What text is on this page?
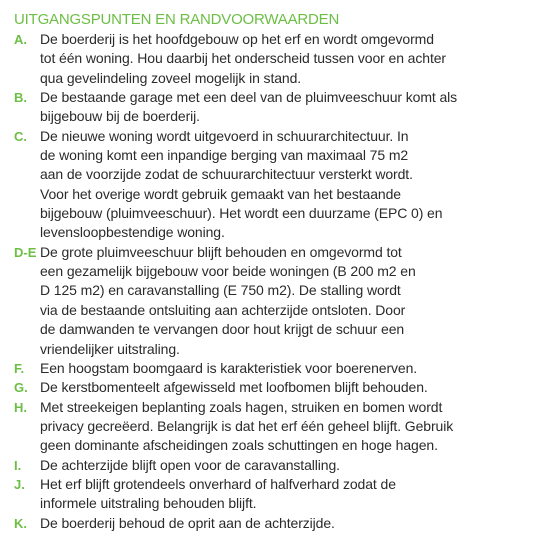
UITGANGSPUNTEN EN RANDVOORWAARDEN
A. De boerderij is het hoofdgebouw op het erf en wordt omgevormd
tot één woning. Hou daarbij het onderscheid tussen voor en achter
qua gevelindeling zoveel mogelijk in stand.
B. De bestaande garage met een deel van de pluimveeschuur komt als
bijgebouw bij de boerderij.
C. De nieuwe woning wordt uitgevoerd in schuurarchitectuur. In
de woning komt een inpandige berging van maximaal 75 m2
aan de voorzijde zodat de schuurarchitectuur versterkt wordt.
Voor het overige wordt gebruik gemaakt van het bestaande
bijgebouw (pluimveeschuur). Het wordt een duurzame (EPC 0) en
levensloopbestendige woning.
D-E De grote pluimveeschuur blijft behouden en omgevormd tot
een gezamelijk bijgebouw voor beide woningen (B 200 m2 en
D 125 m2) en caravanstalling (E 750 m2). De stalling wordt
via de bestaande ontsluiting aan achterzijde ontsloten. Door
de damwanden te vervangen door hout krijgt de schuur een
vriendelijker uitstraling.
F.	Een hoogstam boomgaard is karakteristiek voor boerenerven.
G. De kerstbomenteelt afgewisseld met loofbomen blijft behouden.
H. Met streekeigen beplanting zoals hagen, struiken en bomen wordt
privacy gecreëerd. Belangrijk is dat het erf één geheel blijft. Gebruik
geen dominante afscheidingen zoals schuttingen en hoge hagen.
I.	De achterzijde blijft open voor de caravanstalling.
J.	Het erf blijft grotendeels onverhard of halfverhard zodat de
informele uitstraling behouden blijft.
K. De boerderij behoud de oprit aan de achterzijde.
